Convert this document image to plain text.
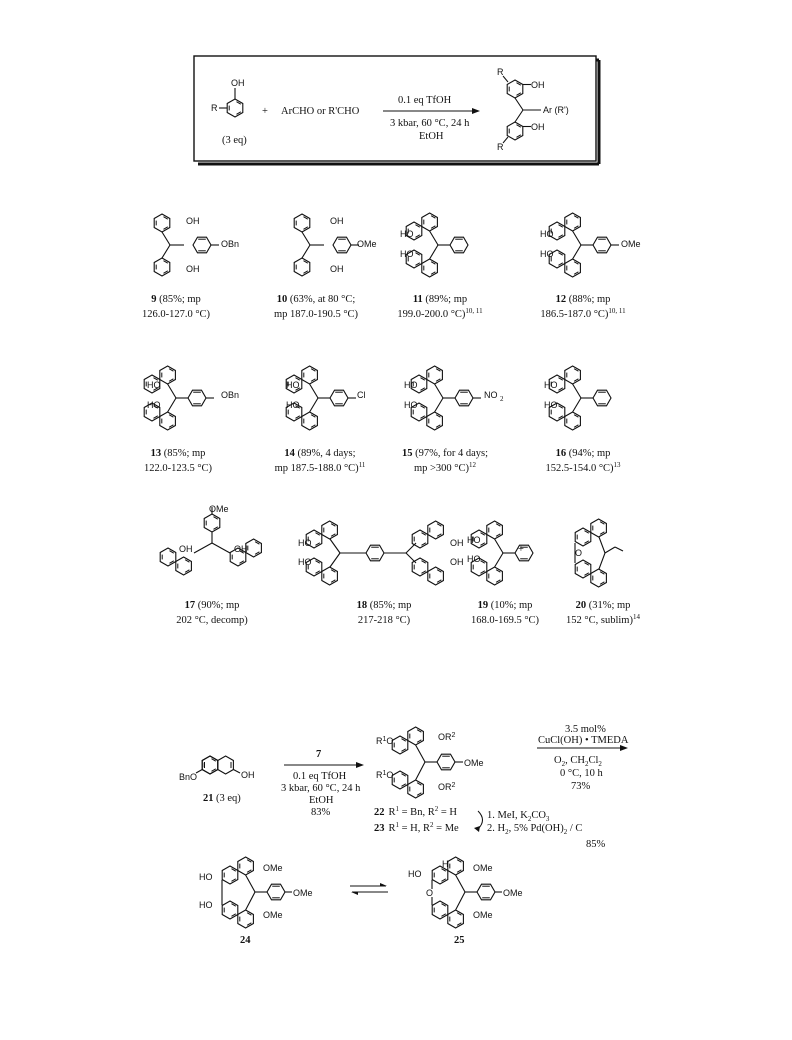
OH
R
(3 eq)
+ ArCHO or R'CHO
0.1 eq TfOH
3 kbar, 60 °C, 24 h
EtOH
OH
OH
Ar (R')
R
R
OH
OH
OBn
OH
OH
OMe
HO
HO
HO
HO
OMe
HO
HO
OBn
HO
HO
Cl
HO
HO
NO 2
HO
HO
OMe
OH	OH
HO
HO
OH
OH
HO
HO
O
9 (85%; mp
126.0-127.0 °C)
10 (63%, at 80 °C;
mp 187.0-190.5 °C)
11 (89%; mp
199.0-200.0 °C)$^{10, 11}$
12 (88%; mp
186.5-187.0 °C)$^{10, 11}$
13 (85%; mp
122.0-123.5 °C)
14 (89%, 4 days;
mp 187.5-188.0 °C)$^{11}$
15 (97%, for 4 days;
mp >300 °C)$^{12}$
16 (94%; mp
152.5-154.0 °C)$^{13}$
17 (90%; mp
202 °C, decomp)
18 (85%; mp
217-218 °C)
19 (10%; mp
168.0-169.5 °C)
20 (31%; mp
152 °C, sublim)$^{14}$
+
BnO	OH
21 (3 eq)
7
0.1 eq TfOH
3 kbar, 60 °C, 24 h
EtOH
83%
$R^1O$
$R^1O$
$OR^2$
$OR^2$
OMe
22 $R^1 = Bn$, $R^2 = H$
23 $R^1 = H$, $R^2 = Me$
1. MeI, $K_2CO_3$
2. $H_2$, 5% $Pd(OH)_2$ / C
85%
3.5 mol%
CuCl(OH) • TMEDA
$O_2$, $CH_2Cl_2$
0 °C, 10 h
73%
HO
HO
OMe
OMe
OMe
24
HO
O
H	OMe
OMe
OMe
25
